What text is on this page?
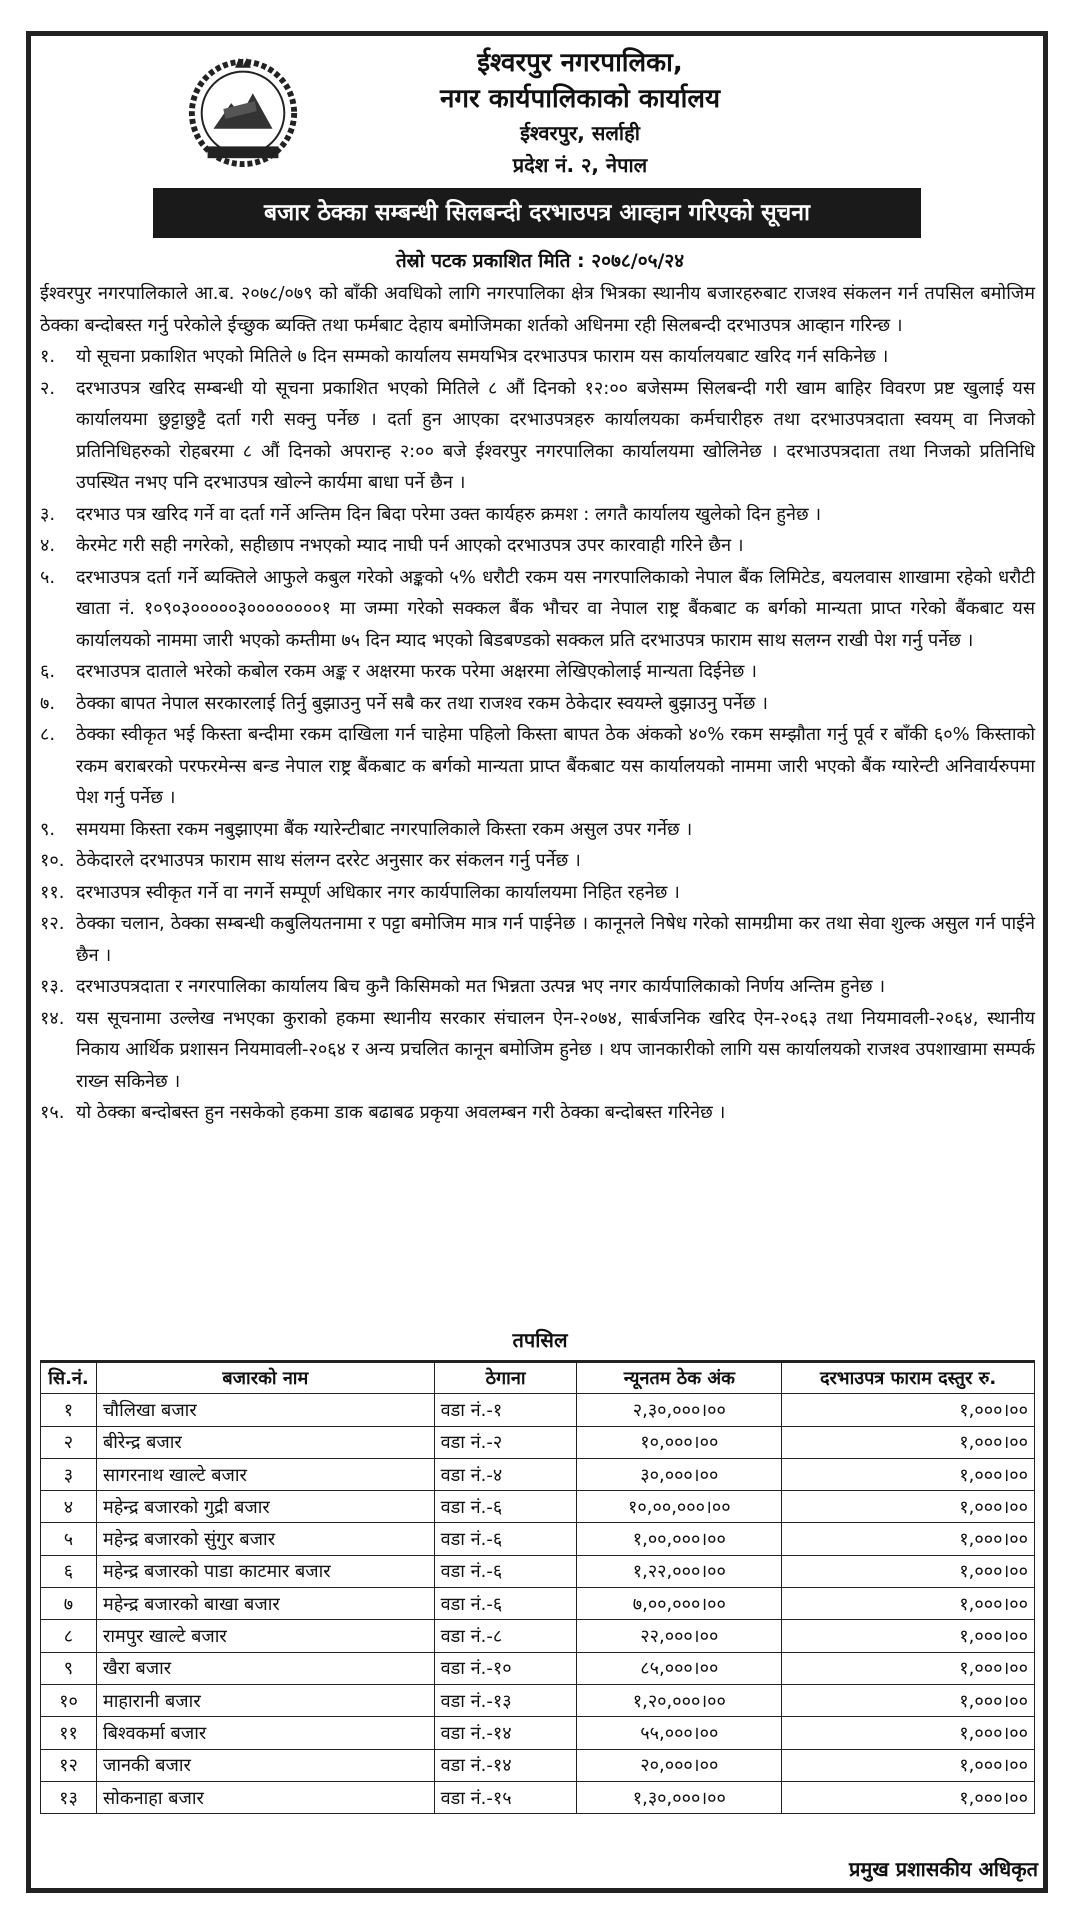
ईश्वरपुर नगरपालिका,
नगर कार्यपालिकाको कार्यालय
ईश्वरपुर, सर्लाही
प्रदेश नं. २, नेपाल
बजार ठेक्का सम्बन्धी सिलबन्दी दरभाउपत्र आव्हान गरिएको सूचना
तेस्रो पटक प्रकाशित मिति : २०७८/०५/२४

ईश्वरपुर नगरपालिकाले आ.ब. २०७८/०७९ को बाँकी अवधिको लागि नगरपालिका क्षेत्र भित्रका स्थानीय बजारहरुबाट राजश्व संकलन गर्न तपसिल बमोजिम ठेक्का बन्दोबस्त गर्नु परेकोले ईच्छुक ब्यक्ति तथा फर्मबाट देहाय बमोजिमका शर्तको अधिनमा रही सिलबन्दी दरभाउपत्र आव्हान गरिन्छ ।

१.	यो सूचना प्रकाशित भएको मितिले ७ दिन सम्मको कार्यालय समयभित्र दरभाउपत्र फाराम यस कार्यालयबाट खरिद गर्न सकिनेछ ।
२.	दरभाउपत्र खरिद सम्बन्धी यो सूचना प्रकाशित भएको मितिले ८ औं दिनको १२:०० बजेसम्म सिलबन्दी गरी खाम बाहिर विवरण प्रष्ट खुलाई यस कार्यालयमा छुट्टाछुट्टै दर्ता गरी सक्नु पर्नेछ । दर्ता हुन आएका दरभाउपत्रहरु कार्यालयका कर्मचारीहरु तथा दरभाउपत्रदाता स्वयम् वा निजको प्रतिनिधिहरुको रोहबरमा ८ औं दिनको अपरान्ह २:०० बजे ईश्वरपुर नगरपालिका कार्यालयमा खोलिनेछ । दरभाउपत्रदाता तथा निजको प्रतिनिधि उपस्थित नभए पनि दरभाउपत्र खोल्ने कार्यमा बाधा पर्ने छैन ।
३.	दरभाउ पत्र खरिद गर्ने वा दर्ता गर्ने अन्तिम दिन बिदा परेमा उक्त कार्यहरु क्रमश : लगतै कार्यालय खुलेको दिन हुनेछ ।
४.	केरमेट गरी सही नगरेको, सहीछाप नभएको म्याद नाघी पर्न आएको दरभाउपत्र उपर कारवाही गरिने छैन ।
५.	दरभाउपत्र दर्ता गर्ने ब्यक्तिले आफुले कबुल गरेको अङ्कको ५% धरौटी रकम यस नगरपालिकाको नेपाल बैंक लिमिटेड, बयलवास शाखामा रहेको धरौटी खाता नं. १०९०३०००००३००००००००१ मा जम्मा गरेको सक्कल बैंक भौचर वा नेपाल राष्ट्र बैंकबाट क बर्गको मान्यता प्राप्त गरेको बैंकबाट यस कार्यालयको नाममा जारी भएको कम्तीमा ७५ दिन म्याद भएको बिडबण्डको सक्कल प्रति दरभाउपत्र फाराम साथ सलग्न राखी पेश गर्नु पर्नेछ ।
६.	दरभाउपत्र दाताले भरेको कबोल रकम अङ्क र अक्षरमा फरक परेमा अक्षरमा लेखिएकोलाई मान्यता दिईनेछ ।
७.	ठेक्का बापत नेपाल सरकारलाई तिर्नु बुझाउनु पर्ने सबै कर तथा राजश्व रकम ठेकेदार स्वयम्ले बुझाउनु पर्नेछ ।
८.	ठेक्का स्वीकृत भई किस्ता बन्दीमा रकम दाखिला गर्न चाहेमा पहिलो किस्ता बापत ठेक अंकको ४०% रकम सम्झौता गर्नु पूर्व र बाँकी ६०% किस्ताको रकम बराबरको परफरमेन्स बन्ड नेपाल राष्ट्र बैंकबाट क बर्गको मान्यता प्राप्त बैंकबाट यस कार्यालयको नाममा जारी भएको बैंक ग्यारेन्टी अनिवार्यरुपमा पेश गर्नु पर्नेछ ।
९.	समयमा किस्ता रकम नबुझाएमा बैंक ग्यारेन्टीबाट नगरपालिकाले किस्ता रकम असुल उपर गर्नेछ ।
१०. ठेकेदारले दरभाउपत्र फाराम साथ संलग्न दररेट अनुसार कर संकलन गर्नु पर्नेछ ।
११. दरभाउपत्र स्वीकृत गर्ने वा नगर्ने सम्पूर्ण अधिकार नगर कार्यपालिका कार्यालयमा निहित रहनेछ ।
१२. ठेक्का चलान, ठेक्का सम्बन्धी कबुलियतनामा र पट्टा बमोजिम मात्र गर्न पाईनेछ । कानूनले निषेध गरेको सामग्रीमा कर तथा सेवा शुल्क असुल गर्न पाईने छैन ।
१३. दरभाउपत्रदाता र नगरपालिका कार्यालय बिच कुनै किसिमको मत भिन्नता उत्पन्न भए नगर कार्यपालिकाको निर्णय अन्तिम हुनेछ ।
१४. यस सूचनामा उल्लेख नभएका कुराको हकमा स्थानीय सरकार संचालन ऐन-२०७४, सार्बजनिक खरिद ऐन-२०६३ तथा नियमावली-२०६४, स्थानीय निकाय आर्थिक प्रशासन नियमावली-२०६४ र अन्य प्रचलित कानून बमोजिम हुनेछ । थप जानकारीको लागि यस कार्यालयको राजश्व उपशाखामा सम्पर्क राख्न सकिनेछ ।
१५. यो ठेक्का बन्दोबस्त हुन नसकेको हकमा डाक बढाबढ प्रकृया अवलम्बन गरी ठेक्का बन्दोबस्त गरिनेछ ।
तपसिल
सि.नं.	बजारको नाम	ठेगाना	न्यूनतम ठेक अंक	दरभाउपत्र फाराम दस्तुर रु.
१	चौलिखा बजार	वडा नं.-१	२,३०,०००।००	१,०००।००
२	बीरेन्द्र बजार	वडा नं.-२	१०,०००।००	१,०००।००
३	सागरनाथ खाल्टे बजार	वडा नं.-४	३०,०००।००	१,०००।००
४	महेन्द्र बजारको गुद्री बजार	वडा नं.-६	१०,००,०००।००	१,०००।००
५	महेन्द्र बजारको सुंगुर बजार	वडा नं.-६	१,००,०००।००	१,०००।००
६	महेन्द्र बजारको पाडा काटमार बजार	वडा नं.-६	१,२२,०००।००	१,०००।००
७	महेन्द्र बजारको बाखा बजार	वडा नं.-६	७,००,०००।००	१,०००।००
८	रामपुर खाल्टे बजार	वडा नं.-८	२२,०००।००	१,०००।००
९	खैरा बजार	वडा नं.-१०	८५,०००।००	१,०००।००
१०	माहारानी बजार	वडा नं.-१३	१,२०,०००।००	१,०००।००
११	बिश्वकर्मा बजार	वडा नं.-१४	५५,०००।००	१,०००।००
१२	जानकी बजार	वडा नं.-१४	२०,०००।००	१,०००।००
१३	सोकनाहा बजार	वडा नं.-१५	१,३०,०००।००	१,०००।००
प्रमुख प्रशासकीय अधिकृत
